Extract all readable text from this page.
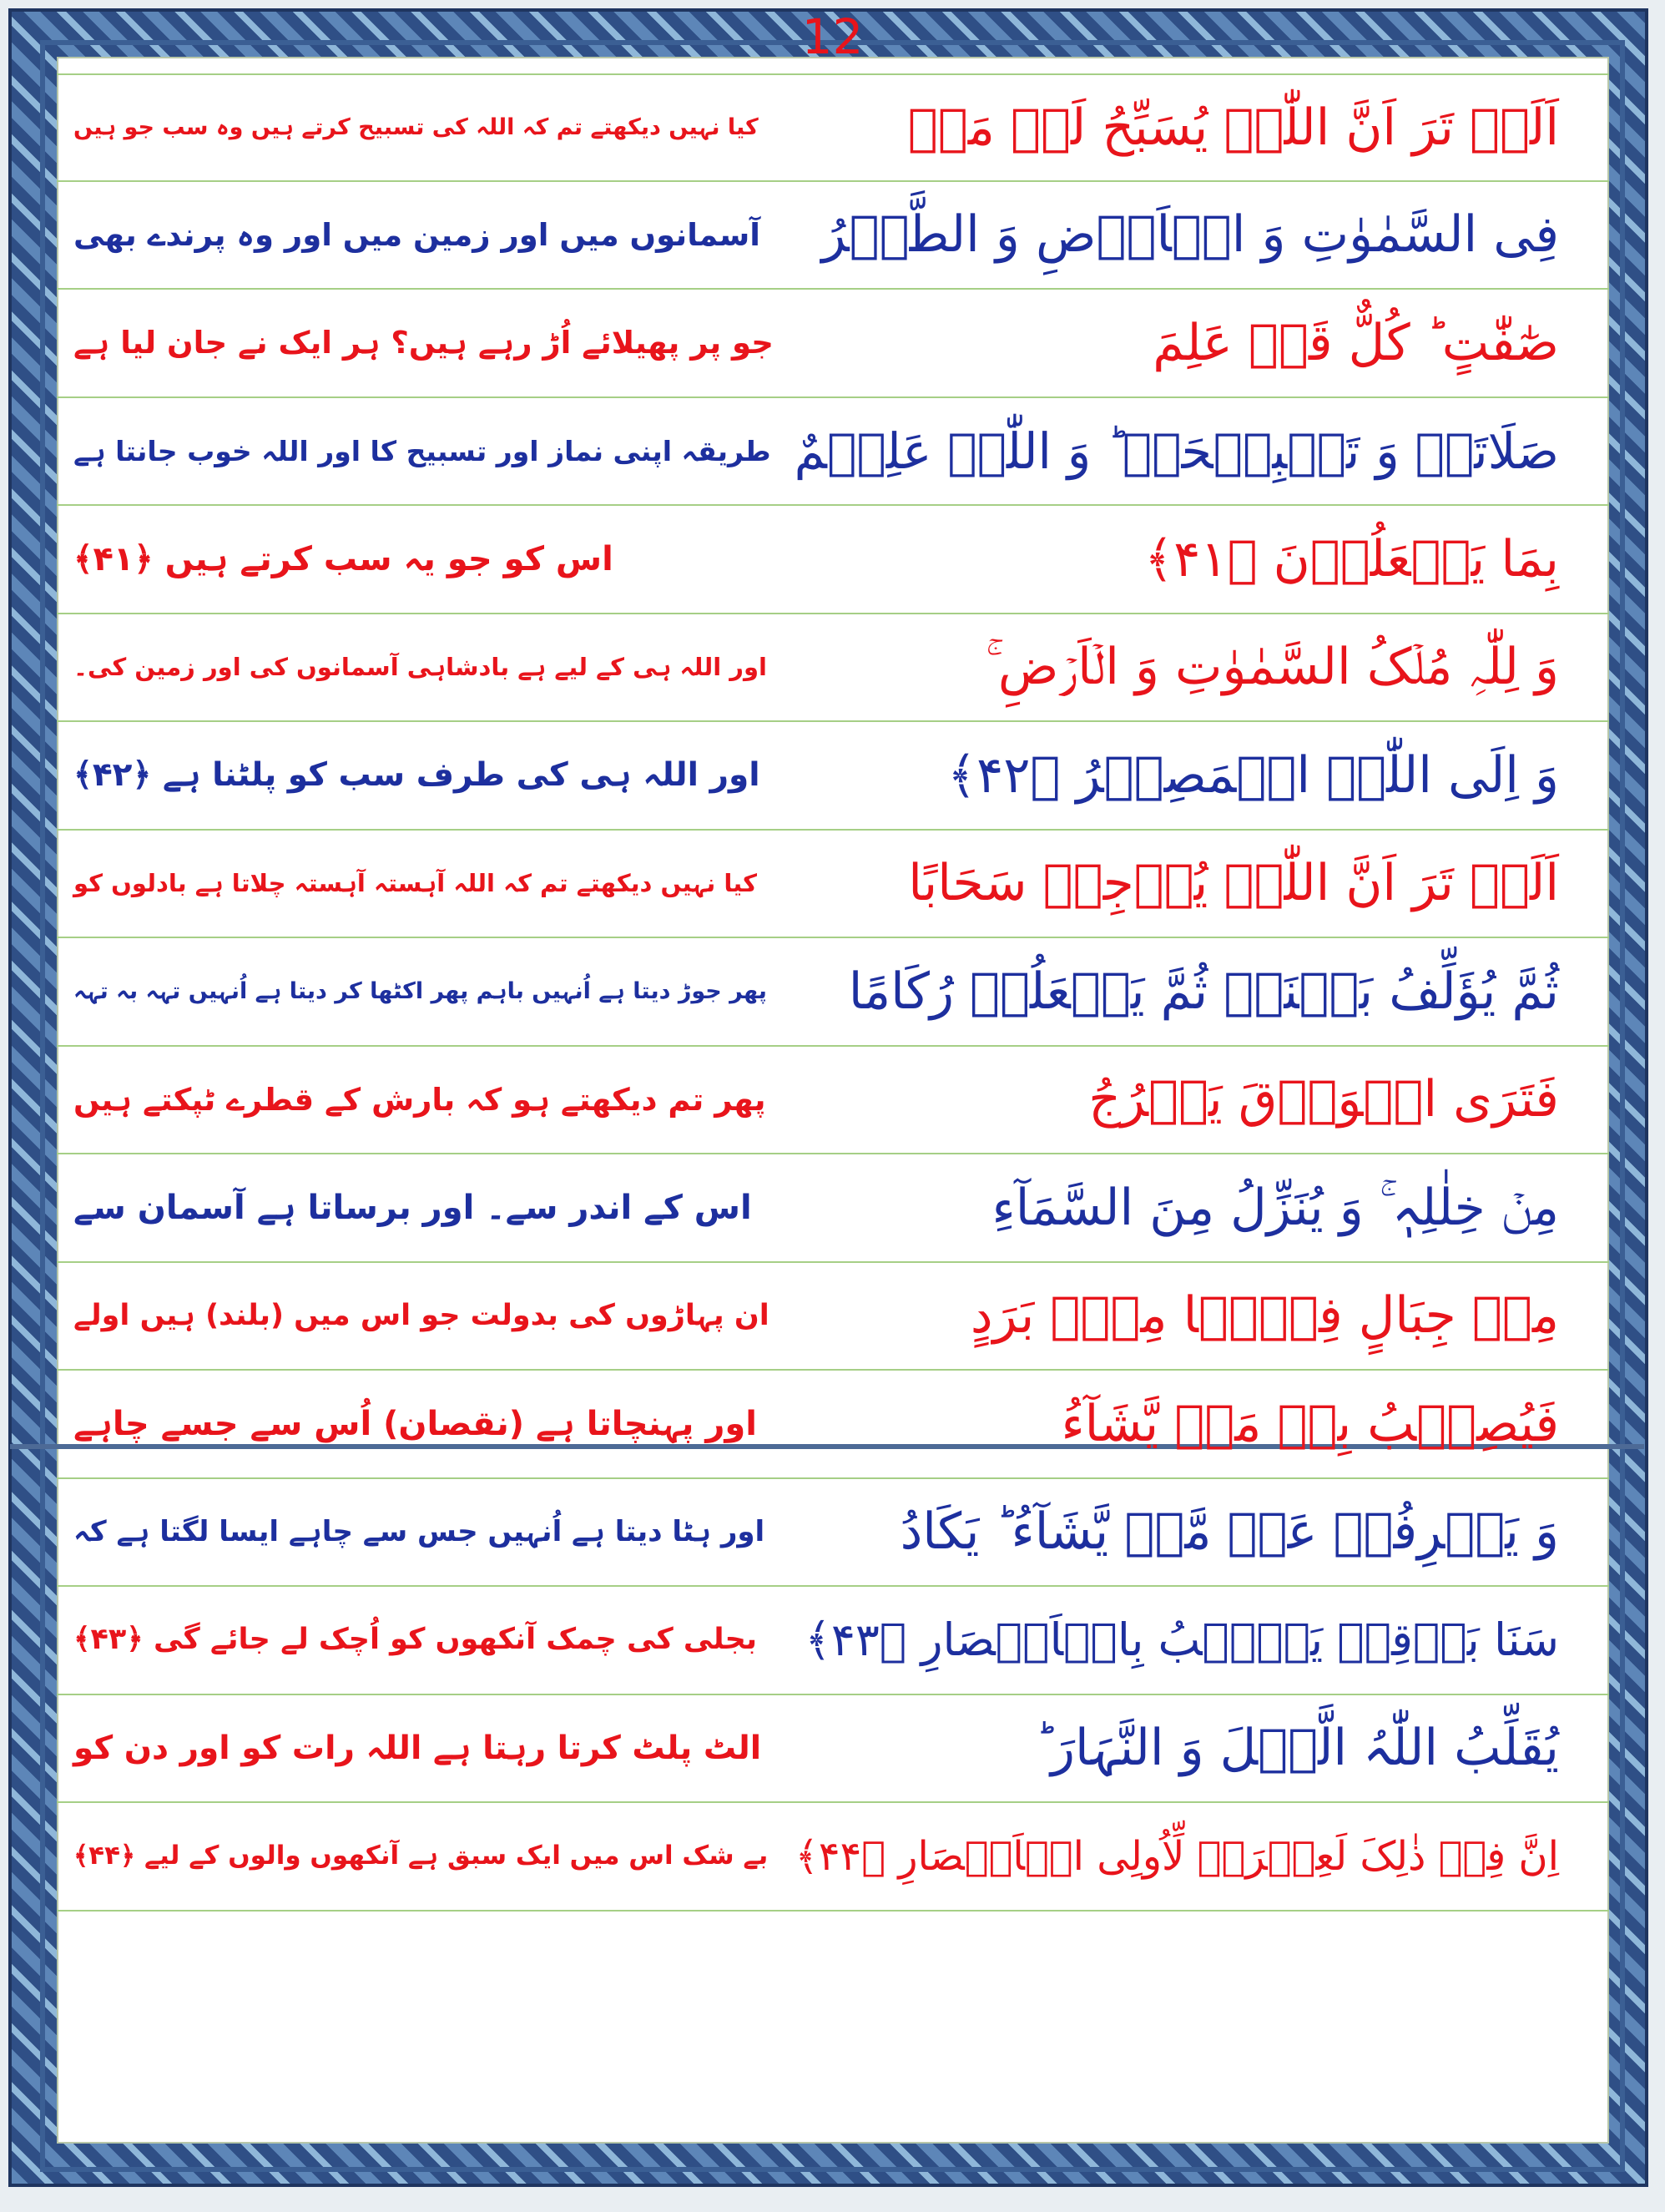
12
کیا نہیں دیکھتے تم کہ اللہ کی تسبیح کرتے ہیں وہ سب جو ہیں	اَلَمۡ تَرَ اَنَّ اللّٰہَ یُسَبِّحُ لَہٗ مَنۡ
آسمانوں میں اور زمین میں اور وہ پرندے بھی فِی السَّمٰوٰتِ وَ الۡاَرۡضِ وَ الطَّیۡرُ
جو پر پھیلائے اُڑ رہے ہیں؟ ہر ایک نے جان لیا ہے	صٰٓفّٰتٍ ؕ کُلٌّ قَدۡ عَلِمَ
طریقہ اپنی نماز اور تسبیح کا اور اللہ خوب جانتا ہے صَلَاتَہٗ وَ تَسۡبِیۡحَہٗ ؕ وَ اللّٰہُ عَلِیۡمٌ
اس کو جو یہ سب کرتے ہیں ﴿۴۱﴾	بِمَا یَفۡعَلُوۡنَ ﴿۴۱﴾
اور اللہ ہی کے لیے ہے بادشاہی آسمانوں کی اور زمین کی۔	وَ لِلّٰہِ مُلۡکُ السَّمٰوٰتِ وَ الۡاَرۡضِ ۚ
اور اللہ ہی کی طرف سب کو پلٹنا ہے ﴿۴۲﴾	وَ اِلَی اللّٰہِ الۡمَصِیۡرُ ﴿۴۲﴾
کیا نہیں دیکھتے تم کہ اللہ آہستہ آہستہ چلاتا ہے بادلوں کو	اَلَمۡ تَرَ اَنَّ اللّٰہَ یُزۡجِیۡ سَحَابًا
پھر جوڑ دیتا ہے اُنہیں باہم پھر اکٹھا کر دیتا ہے اُنہیں تہہ بہ تہہ ثُمَّ یُؤَلِّفُ بَیۡنَہٗ ثُمَّ یَجۡعَلُہٗ رُکَامًا
پھر تم دیکھتے ہو کہ بارش کے قطرے ٹپکتے ہیں	فَتَرَی الۡوَدۡقَ یَخۡرُجُ
اس کے اندر سے۔ اور برساتا ہے آسمان سے	مِنۡ خِلٰلِہٖ ۚ وَ یُنَزِّلُ مِنَ السَّمَآءِ
ان پہاڑوں کی بدولت جو اس میں (بلند) ہیں اولے	مِنۡ جِبَالٍ فِیۡہَا مِنۡۢ بَرَدٍ
اور پہنچاتا ہے (نقصان) اُس سے جسے چاہے	فَیُصِیۡبُ بِہٖ مَنۡ یَّشَآءُ
اور ہٹا دیتا ہے اُنہیں جس سے چاہے ایسا لگتا ہے کہ	وَ یَصۡرِفُہٗ عَنۡ مَّنۡ یَّشَآءُ ؕ یَکَادُ
بجلی کی چمک آنکھوں کو اُچک لے جائے گی ﴿۴۳﴾ سَنَا بَرۡقِہٖ یَذۡہَبُ بِالۡاَبۡصَارِ ﴿۴۳﴾
الٹ پلٹ کرتا رہتا ہے اللہ رات کو اور دن کو	یُقَلِّبُ اللّٰہُ الَّیۡلَ وَ النَّہَارَ ؕ
بے شک اس میں ایک سبق ہے آنکھوں والوں کے لیے ﴿۴۴﴾ اِنَّ فِیۡ ذٰلِکَ لَعِبۡرَۃً لِّاُولِی الۡاَبۡصَارِ ﴿۴۴﴾
